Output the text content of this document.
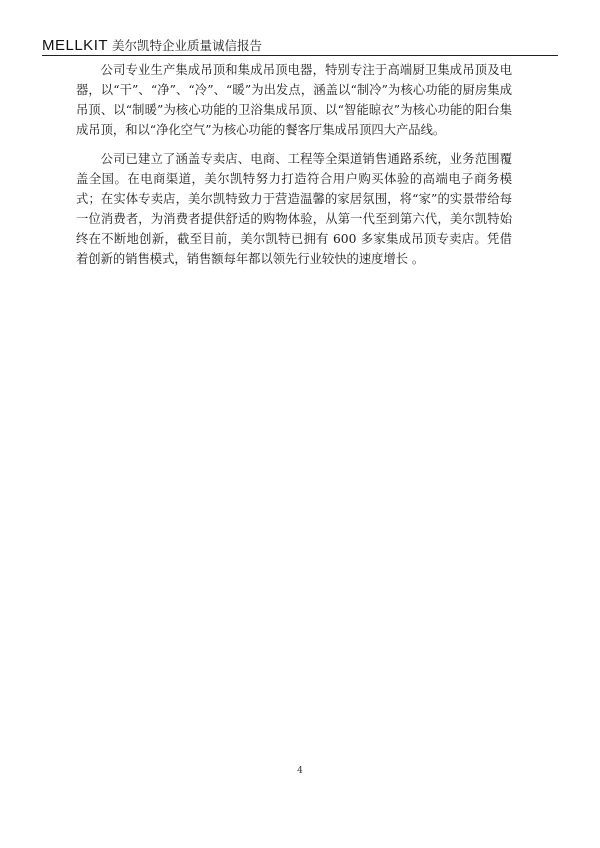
MELLKIT 美尔凯特企业质量诚信报告

公司专业生产集成吊顶和集成吊顶电器，特别专注于高端厨卫集成吊顶及电器，以“干”、“净”、“冷”、“暖”为出发点，涵盖以“制冷”为核心功能的厨房集成吊顶、以“制暖”为核心功能的卫浴集成吊顶、以“智能晾衣”为核心功能的阳台集成吊顶，和以“净化空气”为核心功能的餐客厅集成吊顶四大产品线。

公司已建立了涵盖专卖店、电商、工程等全渠道销售通路系统，业务范围覆盖全国。在电商渠道，美尔凯特努力打造符合用户购买体验的高端电子商务模式；在实体专卖店，美尔凯特致力于营造温馨的家居氛围，将“家”的实景带给每一位消费者，为消费者提供舒适的购物体验，从第一代至到第六代，美尔凯特始终在不断地创新，截至目前，美尔凯特已拥有 600 多家集成吊顶专卖店。凭借着创新的销售模式，销售额每年都以领先行业较快的速度增长 。

4
